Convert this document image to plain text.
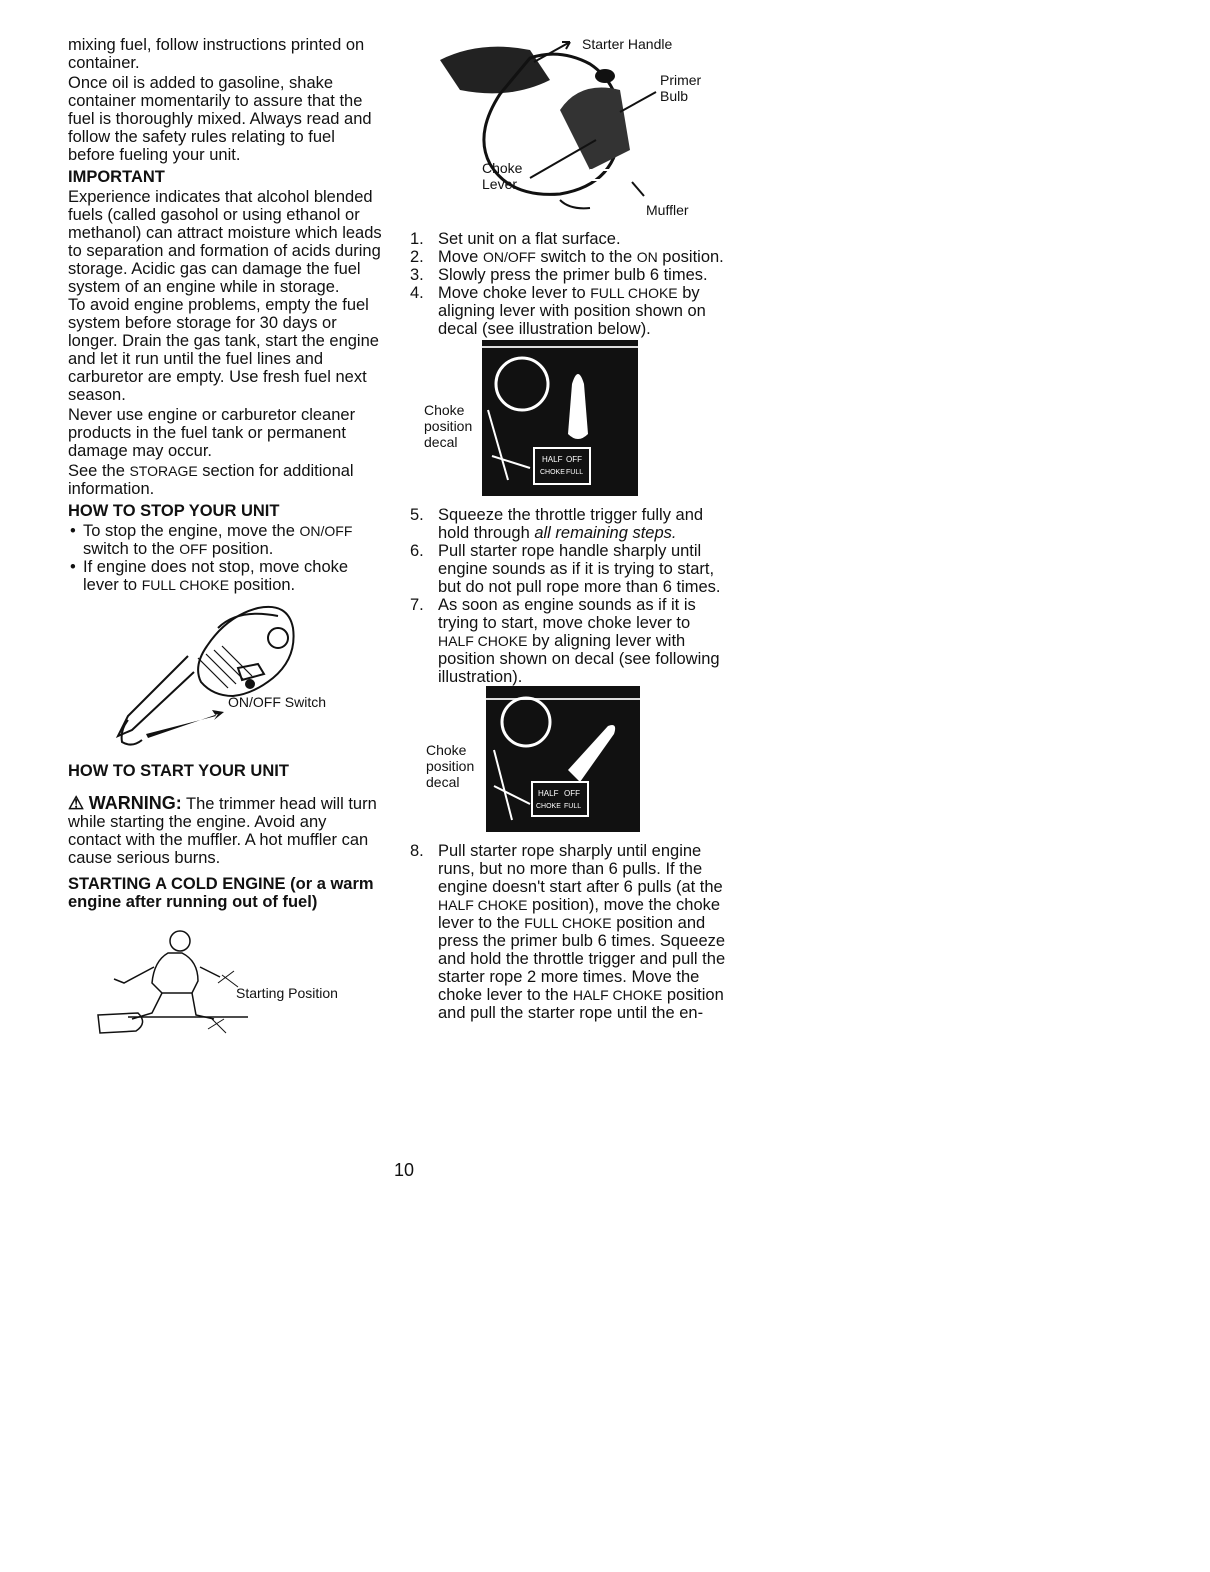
mixing fuel, follow instructions printed on container.

Once oil is added to gasoline, shake container momentarily to assure that the fuel is thoroughly mixed. Always read and follow the safety rules relating to fuel before fueling your unit.

IMPORTANT

Experience indicates that alcohol blended fuels (called gasohol or using ethanol or methanol) can attract moisture which leads to separation and formation of acids during storage. Acidic gas can damage the fuel system of an engine while in storage.

To avoid engine problems, empty the fuel system before storage for 30 days or longer. Drain the gas tank, start the engine and let it run until the fuel lines and carburetor are empty. Use fresh fuel next season.

Never use engine or carburetor cleaner products in the fuel tank or permanent damage may occur.

See the STORAGE section for additional information.

HOW TO STOP YOUR UNIT
• To stop the engine, move the ON/OFF switch to the OFF position.
• If engine does not stop, move choke lever to FULL CHOKE position.
ON/OFF Switch
HOW TO START YOUR UNIT

⚠ WARNING: The trimmer head will turn while starting the engine. Avoid any contact with the muffler. A hot muffler can cause serious burns.

STARTING A COLD ENGINE (or a warm engine after running out of fuel)
Starting Position
Starter Handle
Primer
Bulb
Choke
Lever
Muffler
1. Set unit on a flat surface.
2. Move ON/OFF switch to the ON position.
3. Slowly press the primer bulb 6 times.
4. Move choke lever to FULL CHOKE by aligning lever with position shown on decal (see illustration below).
HALF OFF
CHOKE FULL
Choke
position
decal
5. Squeeze the throttle trigger fully and hold through all remaining steps.
6. Pull starter rope handle sharply until engine sounds as if it is trying to start, but do not pull rope more than 6 times.
7. As soon as engine sounds as if it is trying to start, move choke lever to HALF CHOKE by aligning lever with position shown on decal (see following illustration).
HALF OFF
CHOKE FULL
Choke
position
decal
8. Pull starter rope sharply until engine runs, but no more than 6 pulls. If the engine doesn't start after 6 pulls (at the HALF CHOKE position), move the choke lever to the FULL CHOKE position and press the primer bulb 6 times. Squeeze and hold the throttle trigger and pull the starter rope 2 more times. Move the choke lever to the HALF CHOKE position and pull the starter rope until the en-
10
